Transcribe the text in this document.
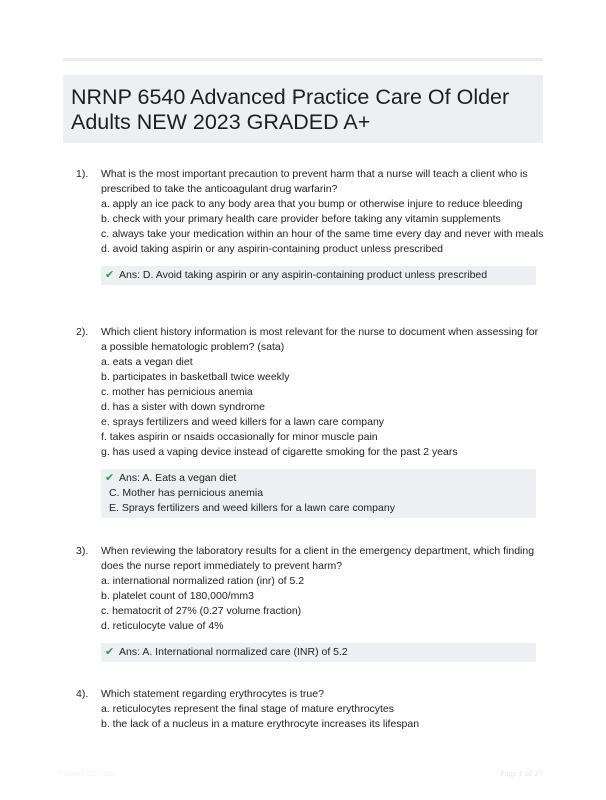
NRNP 6540 Advanced Practice Care Of Older Adults NEW 2023 GRADED A+
1). What is the most important precaution to prevent harm that a nurse will teach a client who is prescribed to take the anticoagulant drug warfarin?

a. apply an ice pack to any body area that you bump or otherwise injure to reduce bleeding

b. check with your primary health care provider before taking any vitamin supplements

c. always take your medication within an hour of the same time every day and never with meals

d. avoid taking aspirin or any aspirin-containing product unless prescribed

✔ Ans: D. Avoid taking aspirin or any aspirin-containing product unless prescribed

2). Which client history information is most relevant for the nurse to document when assessing for a possible hematologic problem? (sata)

a. eats a vegan diet

b. participates in basketball twice weekly

c. mother has pernicious anemia

d. has a sister with down syndrome

e. sprays fertilizers and weed killers for a lawn care company

f. takes aspirin or nsaids occasionally for minor muscle pain

g. has used a vaping device instead of cigarette smoking for the past 2 years

✔ Ans: A. Eats a vegan diet

C. Mother has pernicious anemia

E. Sprays fertilizers and weed killers for a lawn care company

3). When reviewing the laboratory results for a client in the emergency department, which finding does the nurse report immediately to prevent harm?

a. international normalized ration (inr) of 5.2

b. platelet count of 180,000/mm3

c. hematocrit of 27% (0.27 volume fraction)

d. reticulocyte value of 4%

✔ Ans: A. International normalized care (INR) of 5.2

4). Which statement regarding erythrocytes is true?

a. reticulocytes represent the final stage of mature erythrocytes

b. the lack of a nucleus in a mature erythrocyte increases its lifespan

PaperBlitz.com	Page 1 of 27
